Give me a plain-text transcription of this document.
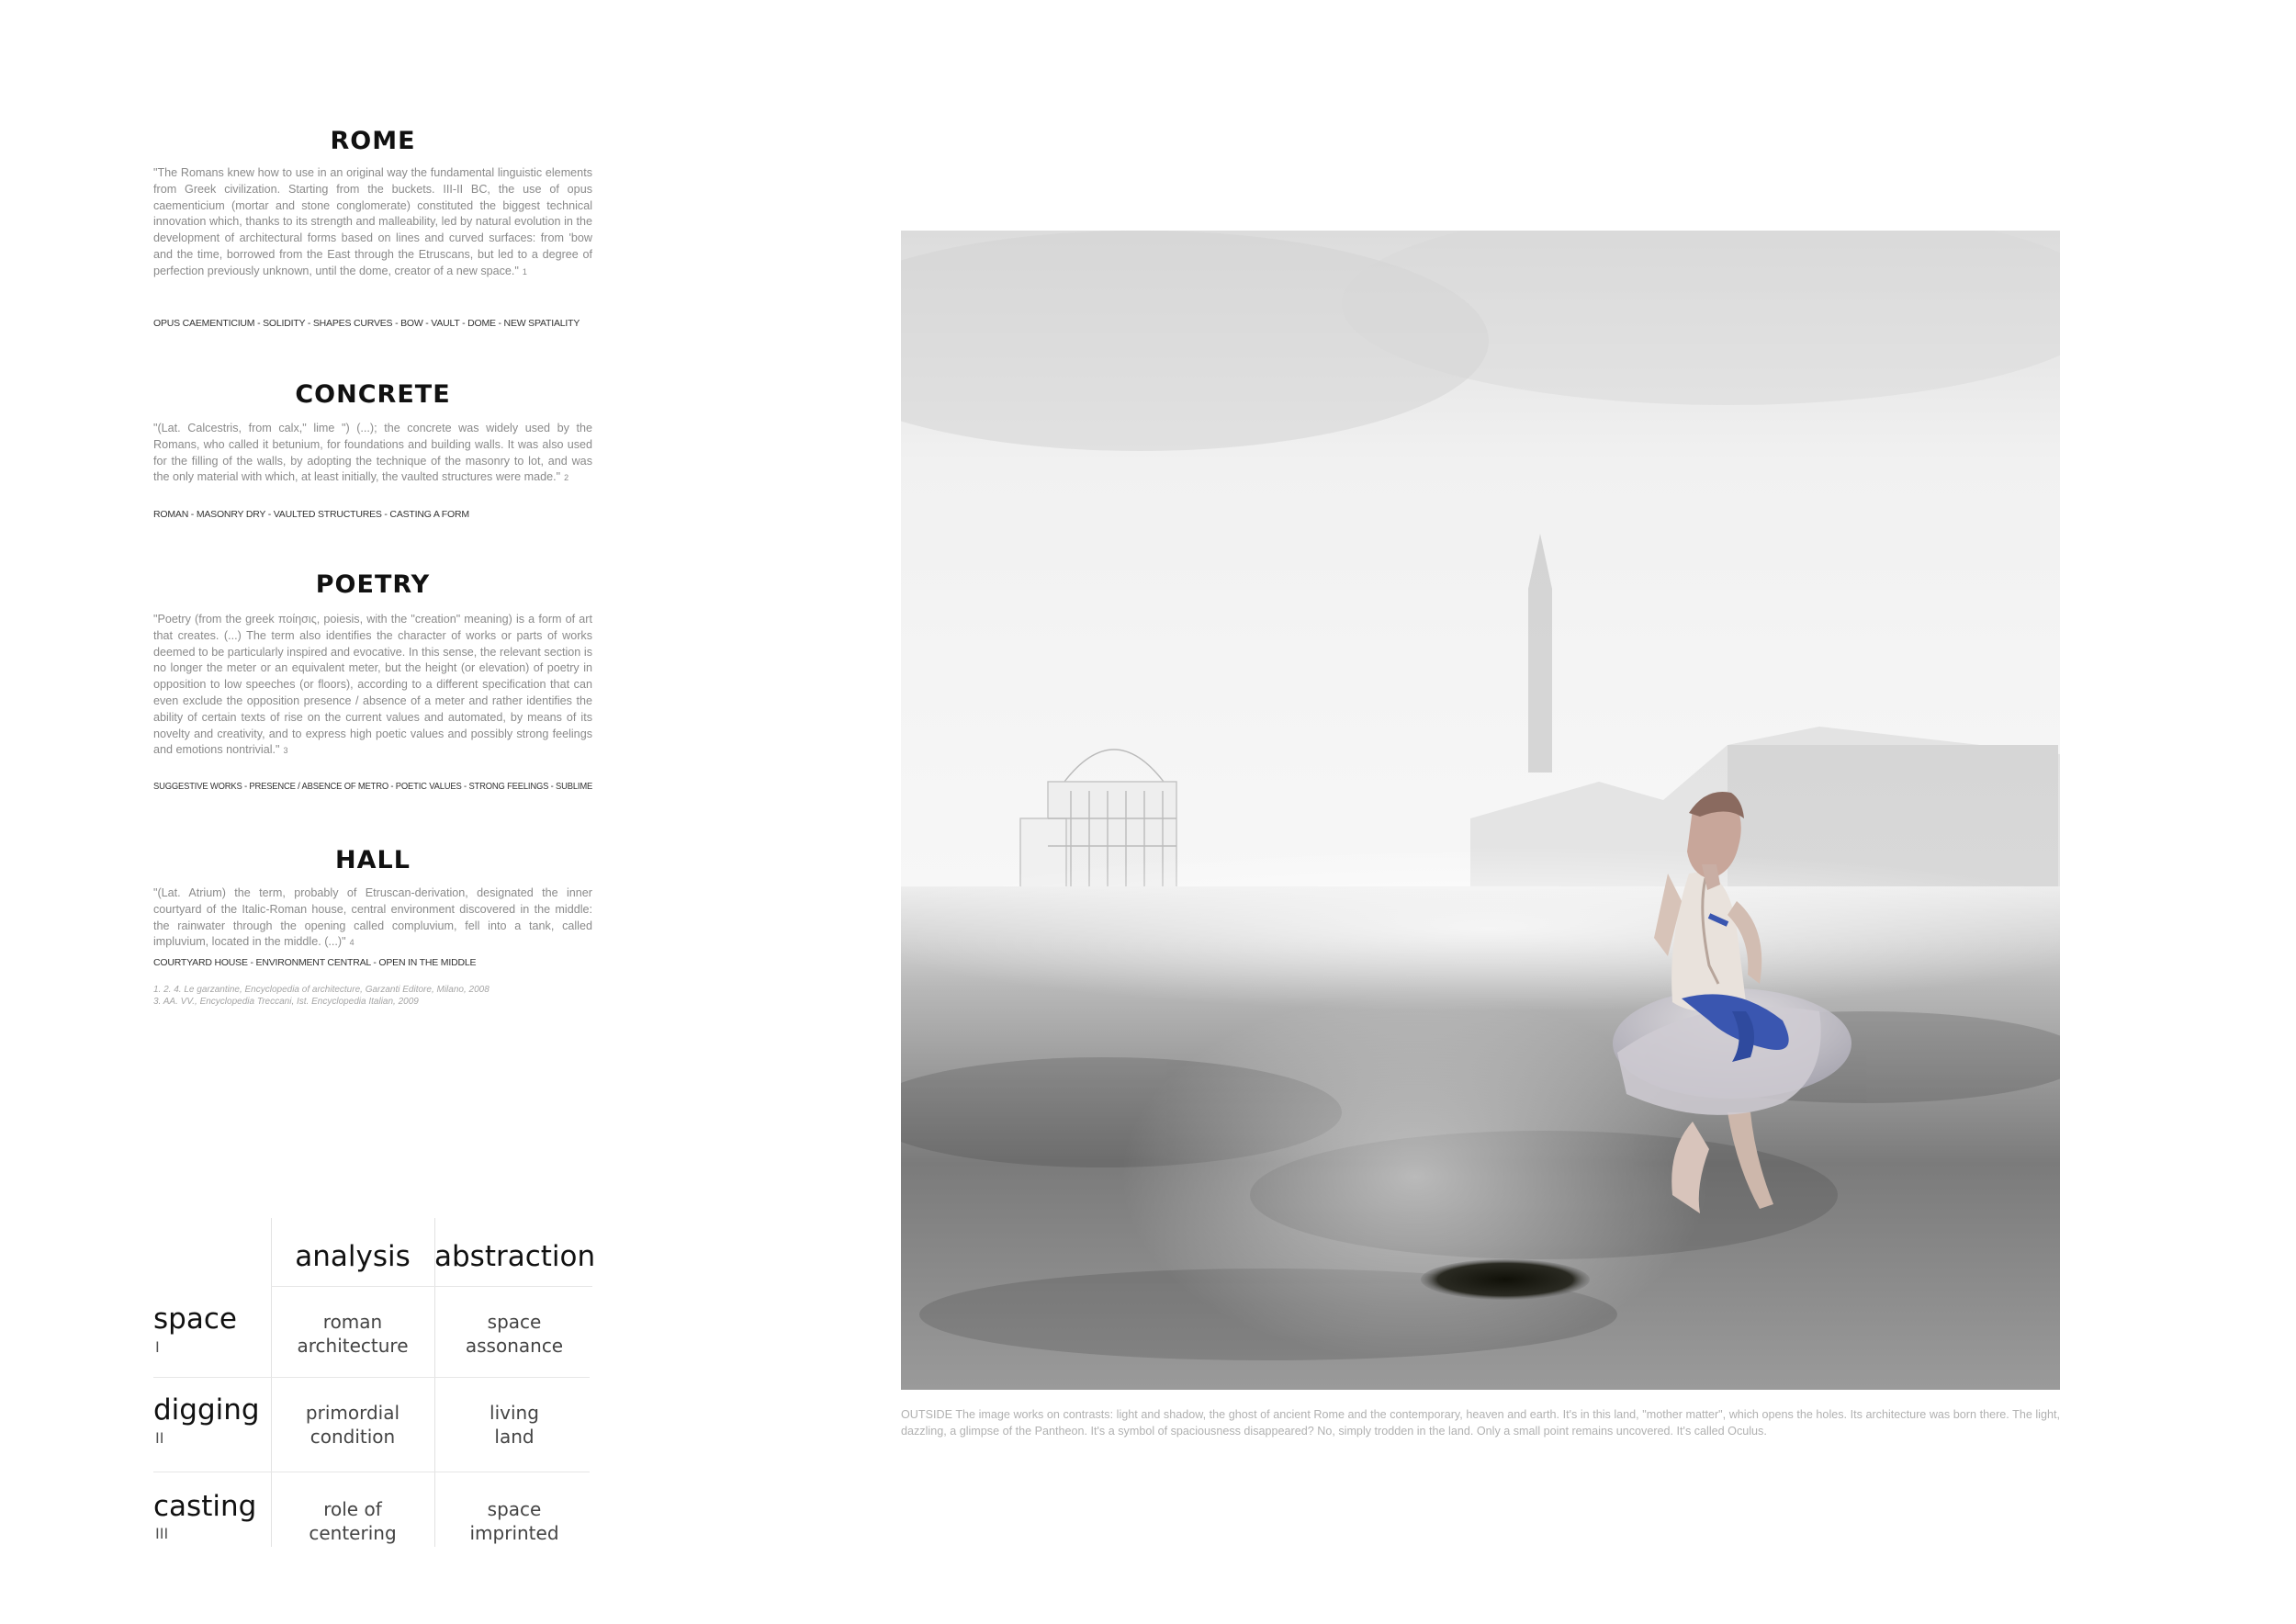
ROME
"The Romans knew how to use in an original way the fundamental linguistic elements from Greek civilization. Starting from the buckets. III-II BC, the use of opus caementicium (mortar and stone conglomerate) constituted the biggest technical innovation which, thanks to its strength and malleability, led by natural evolution in the development of architectural forms based on lines and curved surfaces: from 'bow and the time, borrowed from the East through the Etruscans, but led to a degree of perfection previously unknown, until the dome, creator of a new space." 1
OPUS CAEMENTICIUM - SOLIDITY - SHAPES CURVES - BOW - VAULT - DOME - NEW SPATIALITY
CONCRETE
"(Lat. Calcestris, from calx," lime ") (...); the concrete was widely used by the Romans, who called it betunium, for foundations and building walls. It was also used for the filling of the walls, by adopting the technique of the masonry to lot, and was the only material with which, at least initially, the vaulted structures were made." 2
ROMAN - MASONRY DRY - VAULTED STRUCTURES - CASTING A FORM
POETRY
"Poetry (from the greek ποίησις, poiesis, with the "creation" meaning) is a form of art that creates. (...) The term also identifies the character of works or parts of works deemed to be particularly inspired and evocative. In this sense, the relevant section is no longer the meter or an equivalent meter, but the height (or elevation) of poetry in opposition to low speeches (or floors), according to a different specification that can even exclude the opposition presence / absence of a meter and rather identifies the ability of certain texts of rise on the current values and automated, by means of its novelty and creativity, and to express high poetic values and possibly strong feelings and emotions nontrivial." 3
SUGGESTIVE WORKS - PRESENCE / ABSENCE OF METRO - POETIC VALUES - STRONG FEELINGS - SUBLIME
HALL
"(Lat. Atrium) the term, probably of Etruscan-derivation, designated the inner courtyard of the Italic-Roman house, central environment discovered in the middle: the rainwater through the opening called compluvium, fell into a tank, called impluvium, located in the middle. (...)" 4
COURTYARD HOUSE - ENVIRONMENT CENTRAL - OPEN IN THE MIDDLE
1. 2. 4. Le garzantine, Encyclopedia of architecture, Garzanti Editore, Milano, 2008
3. AA. VV., Encyclopedia Treccani, Ist. Encyclopedia Italian, 2009
analysis abstraction
space
I
roman
architecture
space
assonance
digging
II
primordial
condition
living
land
casting
III
role of
centering
space
imprinted
OUTSIDE The image works on contrasts: light and shadow, the ghost of ancient Rome and the contemporary, heaven and earth. It's in this land, "mother matter", which opens the holes. Its architecture was born there. The light, dazzling, a glimpse of the Pantheon. It's a symbol of spaciousness disappeared? No, simply trodden in the land. Only a small point remains uncovered. It's called Oculus.
